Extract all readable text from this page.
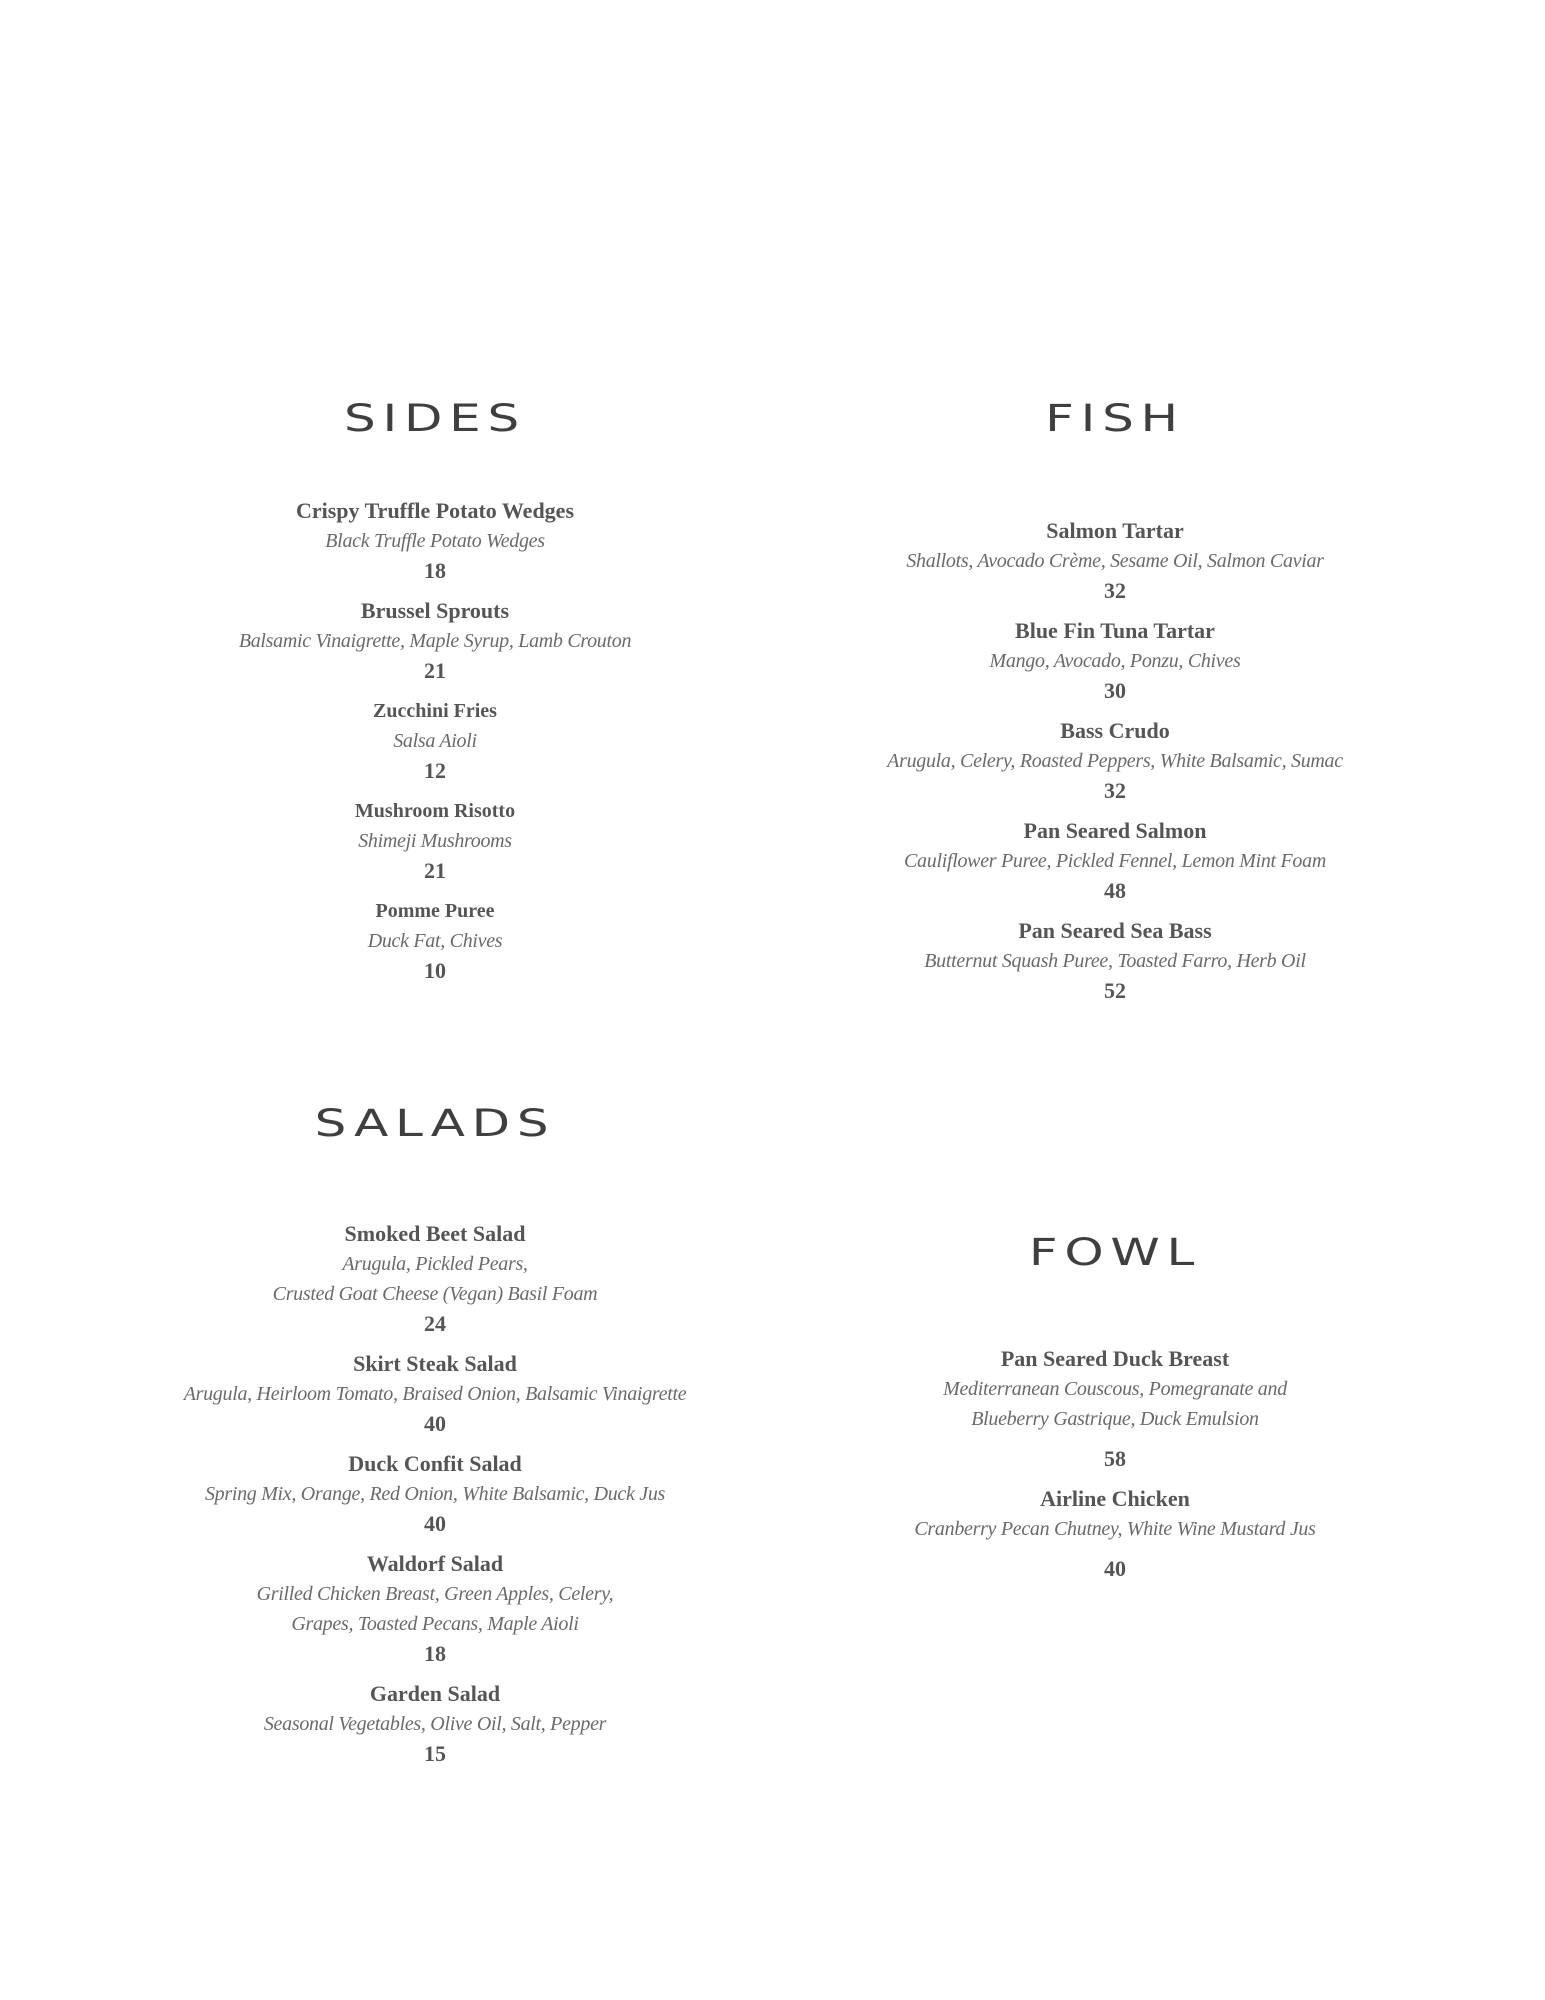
SIDES
Crispy Truffle Potato Wedges
Black Truffle Potato Wedges
18
Brussel Sprouts
Balsamic Vinaigrette, Maple Syrup, Lamb Crouton
21
Zucchini Fries
Salsa Aioli
12
Mushroom Risotto
Shimeji Mushrooms
21
Pomme Puree
Duck Fat, Chives
10
FISH
Salmon Tartar
Shallots, Avocado Crème, Sesame Oil, Salmon Caviar
32
Blue Fin Tuna Tartar
Mango, Avocado, Ponzu, Chives
30
Bass Crudo
Arugula, Celery, Roasted Peppers, White Balsamic, Sumac
32
Pan Seared Salmon
Cauliflower Puree, Pickled Fennel, Lemon Mint Foam
48
Pan Seared Sea Bass
Butternut Squash Puree, Toasted Farro, Herb Oil
52
SALADS
Smoked Beet Salad
Arugula, Pickled Pears,
Crusted Goat Cheese (Vegan) Basil Foam
24
Skirt Steak Salad
Arugula, Heirloom Tomato, Braised Onion, Balsamic Vinaigrette
40
Duck Confit Salad
Spring Mix, Orange, Red Onion, White Balsamic, Duck Jus
40
Waldorf Salad
Grilled Chicken Breast, Green Apples, Celery,
Grapes, Toasted Pecans, Maple Aioli
18
Garden Salad
Seasonal Vegetables, Olive Oil, Salt, Pepper
15
FOWL
Pan Seared Duck Breast
Mediterranean Couscous, Pomegranate and
Blueberry Gastrique, Duck Emulsion
58
Airline Chicken
Cranberry Pecan Chutney, White Wine Mustard Jus
40
